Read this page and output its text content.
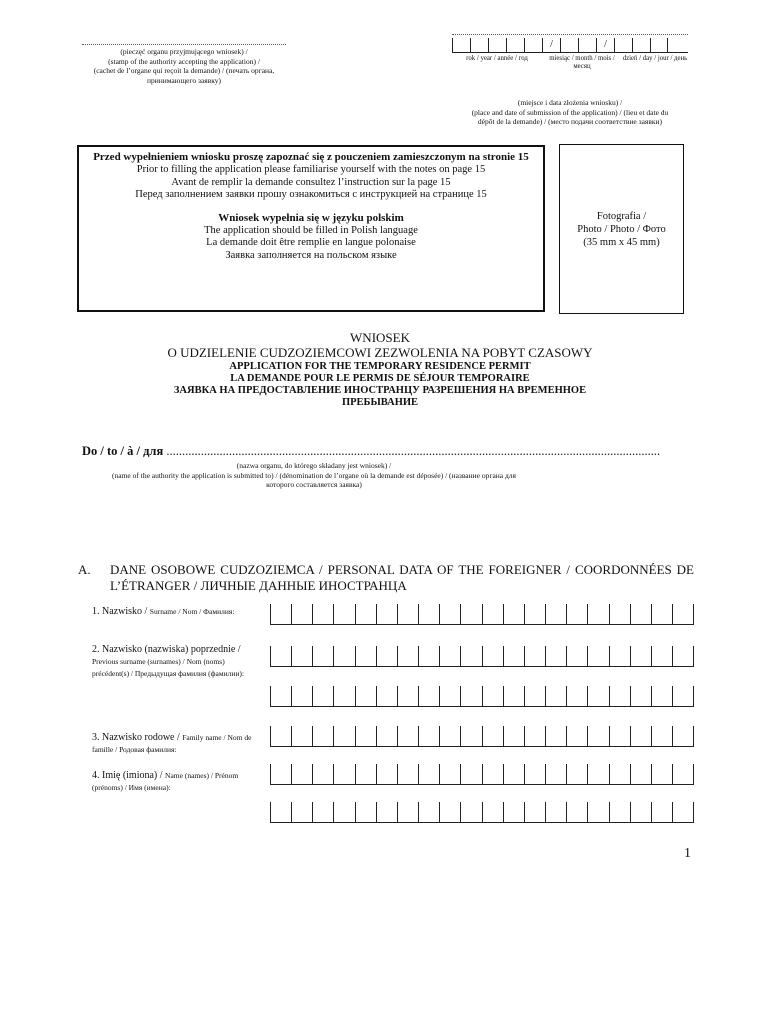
(pieczęć organu przyjmującego wniosek) /
(stamp of the authority accepting the application) /
(cachet de l’organe qui reçoit la demande) / (печать органа,
принимающего заявку)
/	/
rok / year / année / год	miesiąc / month / mois / месяц
dzień / day / jour / день
(miejsce i data złożenia wniosku) /
(place and date of submission of the application) / (lieu et date du
dépôt de la demande) / (место подачи соответствие заявки)
Przed wypełnieniem wniosku proszę zapoznać się z pouczeniem zamieszczonym na stronie 15
Prior to filling the application please familiarise yourself with the notes on page 15
Avant de remplir la demande consultez l’instruction sur la page 15
Перед заполнением заявки прошу ознакомиться с инструкцией на странице 15
Wniosek wypełnia się w języku polskim
The application should be filled in Polish language
La demande doit être remplie en langue polonaise
Заявка заполняется на польском языке
Fotografia /
Photo / Photo / Фото
(35 mm x 45 mm)
WNIOSEK
O UDZIELENIE CUDZOZIEMCOWI ZEZWOLENIA NA POBYT CZASOWY
APPLICATION FOR THE TEMPORARY RESIDENCE PERMIT
LA DEMANDE POUR LE PERMIS DE SÉJOUR TEMPORAIRE
ЗАЯВКА НА ПРЕДОСТАВЛЕНИЕ ИНОСТРАНЦУ РАЗРЕШЕНИЯ НА ВРЕМЕННОЕ
ПРЕБЫВАНИЕ
Do / to / à / для ..............................................................................................................................................................
(nazwa organu, do którego składany jest wniosek) /
(name of the authority the application is submitted to) / (dénomination de l’organe où la demande est déposée) / (название органа для
которого составляется заявка)
A. DANE OSOBOWE CUDZOZIEMCA / PERSONAL DATA OF THE FOREIGNER / COORDONNÉES DE L’ÉTRANGER / ЛИЧНЫЕ ДАННЫЕ ИНОСТРАНЦА
1. Nazwisko / Surname / Nom / Фамилия:
2. Nazwisko (nazwiska) poprzednie / Previous surname (surnames) / Nom (noms) précédent(s) / Предыдущая фамилия (фамилии):
3. Nazwisko rodowe / Family name / Nom de famille / Родовая фамилия:
4. Imię (imiona) / Name (names) / Prénom (prénoms) / Имя (имена):
1
